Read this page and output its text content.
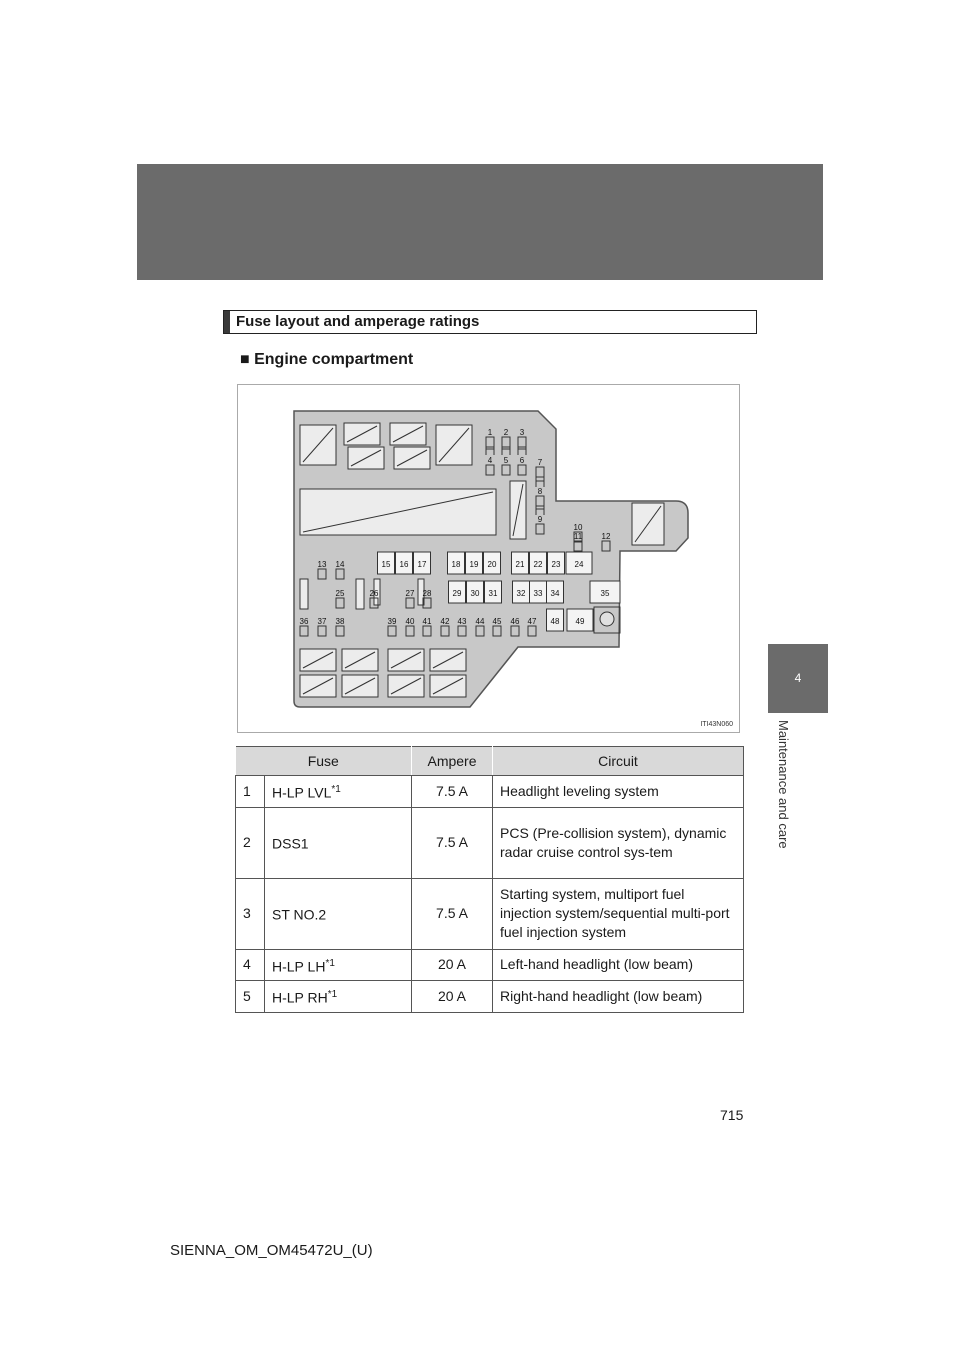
4-3. Do-it-yourself maintenance
4
Maintenance and care
Fuse layout and amperage ratings
■ Engine compartment
1 2 3
4 5 6 7
8
9
10
11 12
13 14	15 16 17	18 19 20 21 22 23 24
25	26	27 28	29 30 31 32 33 34	35
36 37 38	39 40 41 42 43 44 45 46 47 48 49
ITI43N060
Fuse		Ampere	Circuit
1	H-LP LVL$^{*1}$	7.5 A	Headlight leveling system
2	DSS1	7.5 A	PCS (Pre-collision system), dynamic radar cruise control sys-tem
3	ST NO.2	7.5 A	Starting system, multiport fuel injection system/sequential multi-port fuel injection system
4	H-LP LH$^{*1}$	20 A	Left-hand headlight (low beam)
5	H-LP RH$^{*1}$	20 A	Right-hand headlight (low beam)
715
SIENNA_OM_OM45472U_(U)
